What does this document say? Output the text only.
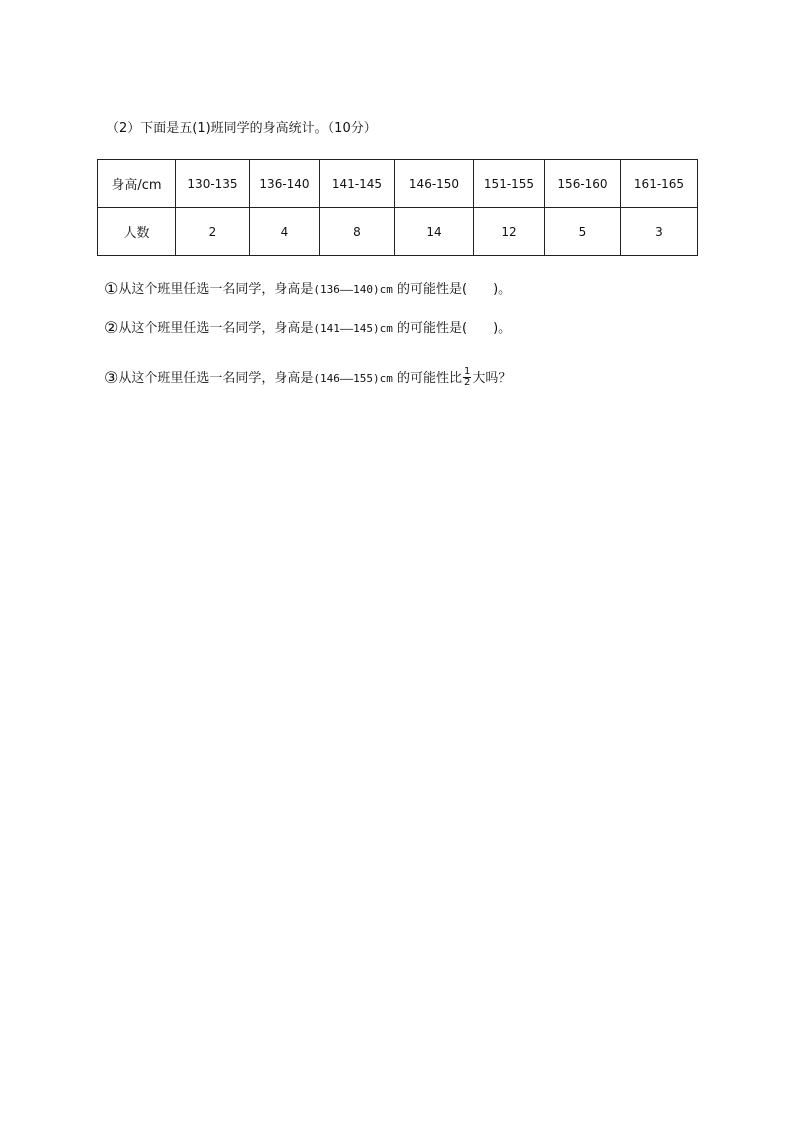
（2）下面是五(1)班同学的身高统计。（10分）
身高/cm	130-135	136-140	141-145	146-150	151-155	156-160	161-165
人数	2	4	8	14	12	5	3
①从这个班里任选一名同学，身高是(136——140)cm 的可能性是( )。
②从这个班里任选一名同学，身高是(141——145)cm 的可能性是( )。
③从这个班里任选一名同学，身高是(146——155)cm 的可能性比 $\frac{1}{2}$ 大吗？
